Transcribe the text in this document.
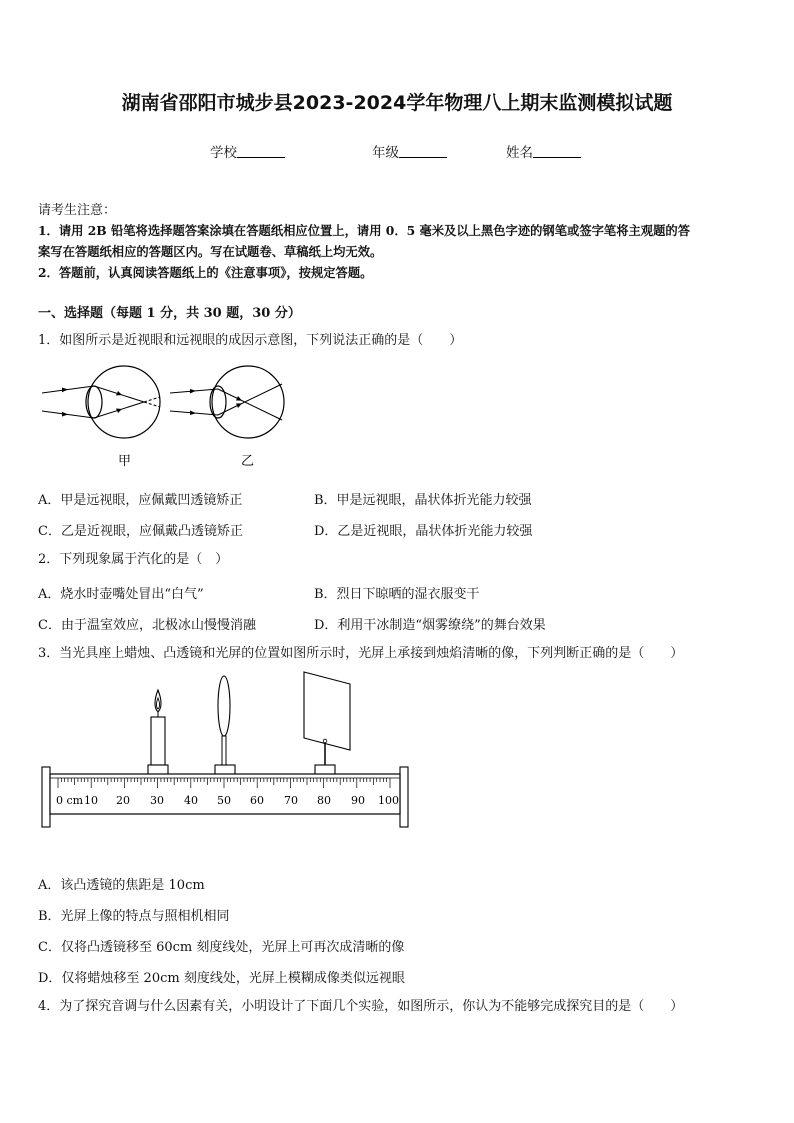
湖南省邵阳市城步县2023-2024学年物理八上期末监测模拟试题
学校	年级	姓名
请考生注意：
1．请用 2B 铅笔将选择题答案涂填在答题纸相应位置上，请用 0．5 毫米及以上黑色字迹的钢笔或签字笔将主观题的答
案写在答题纸相应的答题区内。写在试题卷、草稿纸上均无效。
2．答题前，认真阅读答题纸上的《注意事项》，按规定答题。
一、选择题（每题 1 分，共 30 题，30 分）
1．如图所示是近视眼和远视眼的成因示意图，下列说法正确的是（　　）
甲	乙
A．甲是远视眼，应佩戴凹透镜矫正	B．甲是远视眼，晶状体折光能力较强
C．乙是近视眼，应佩戴凸透镜矫正	D．乙是近视眼，晶状体折光能力较强
2．下列现象属于汽化的是（　）
A．烧水时壶嘴处冒出“白气”	B．烈日下晾晒的湿衣服变干
C．由于温室效应，北极冰山慢慢消融	D．利用干冰制造“烟雾缭绕”的舞台效果
3．当光具座上蜡烛、凸透镜和光屏的位置如图所示时，光屏上承接到烛焰清晰的像，下列判断正确的是（　　）
0 cm 10 20 30 40 50 60 70 80 90 100
A．该凸透镜的焦距是 10cm
B．光屏上像的特点与照相机相同
C．仅将凸透镜移至 60cm 刻度线处，光屏上可再次成清晰的像
D．仅将蜡烛移至 20cm 刻度线处，光屏上模糊成像类似远视眼
4．为了探究音调与什么因素有关，小明设计了下面几个实验，如图所示，你认为不能够完成探究目的是（　　）
